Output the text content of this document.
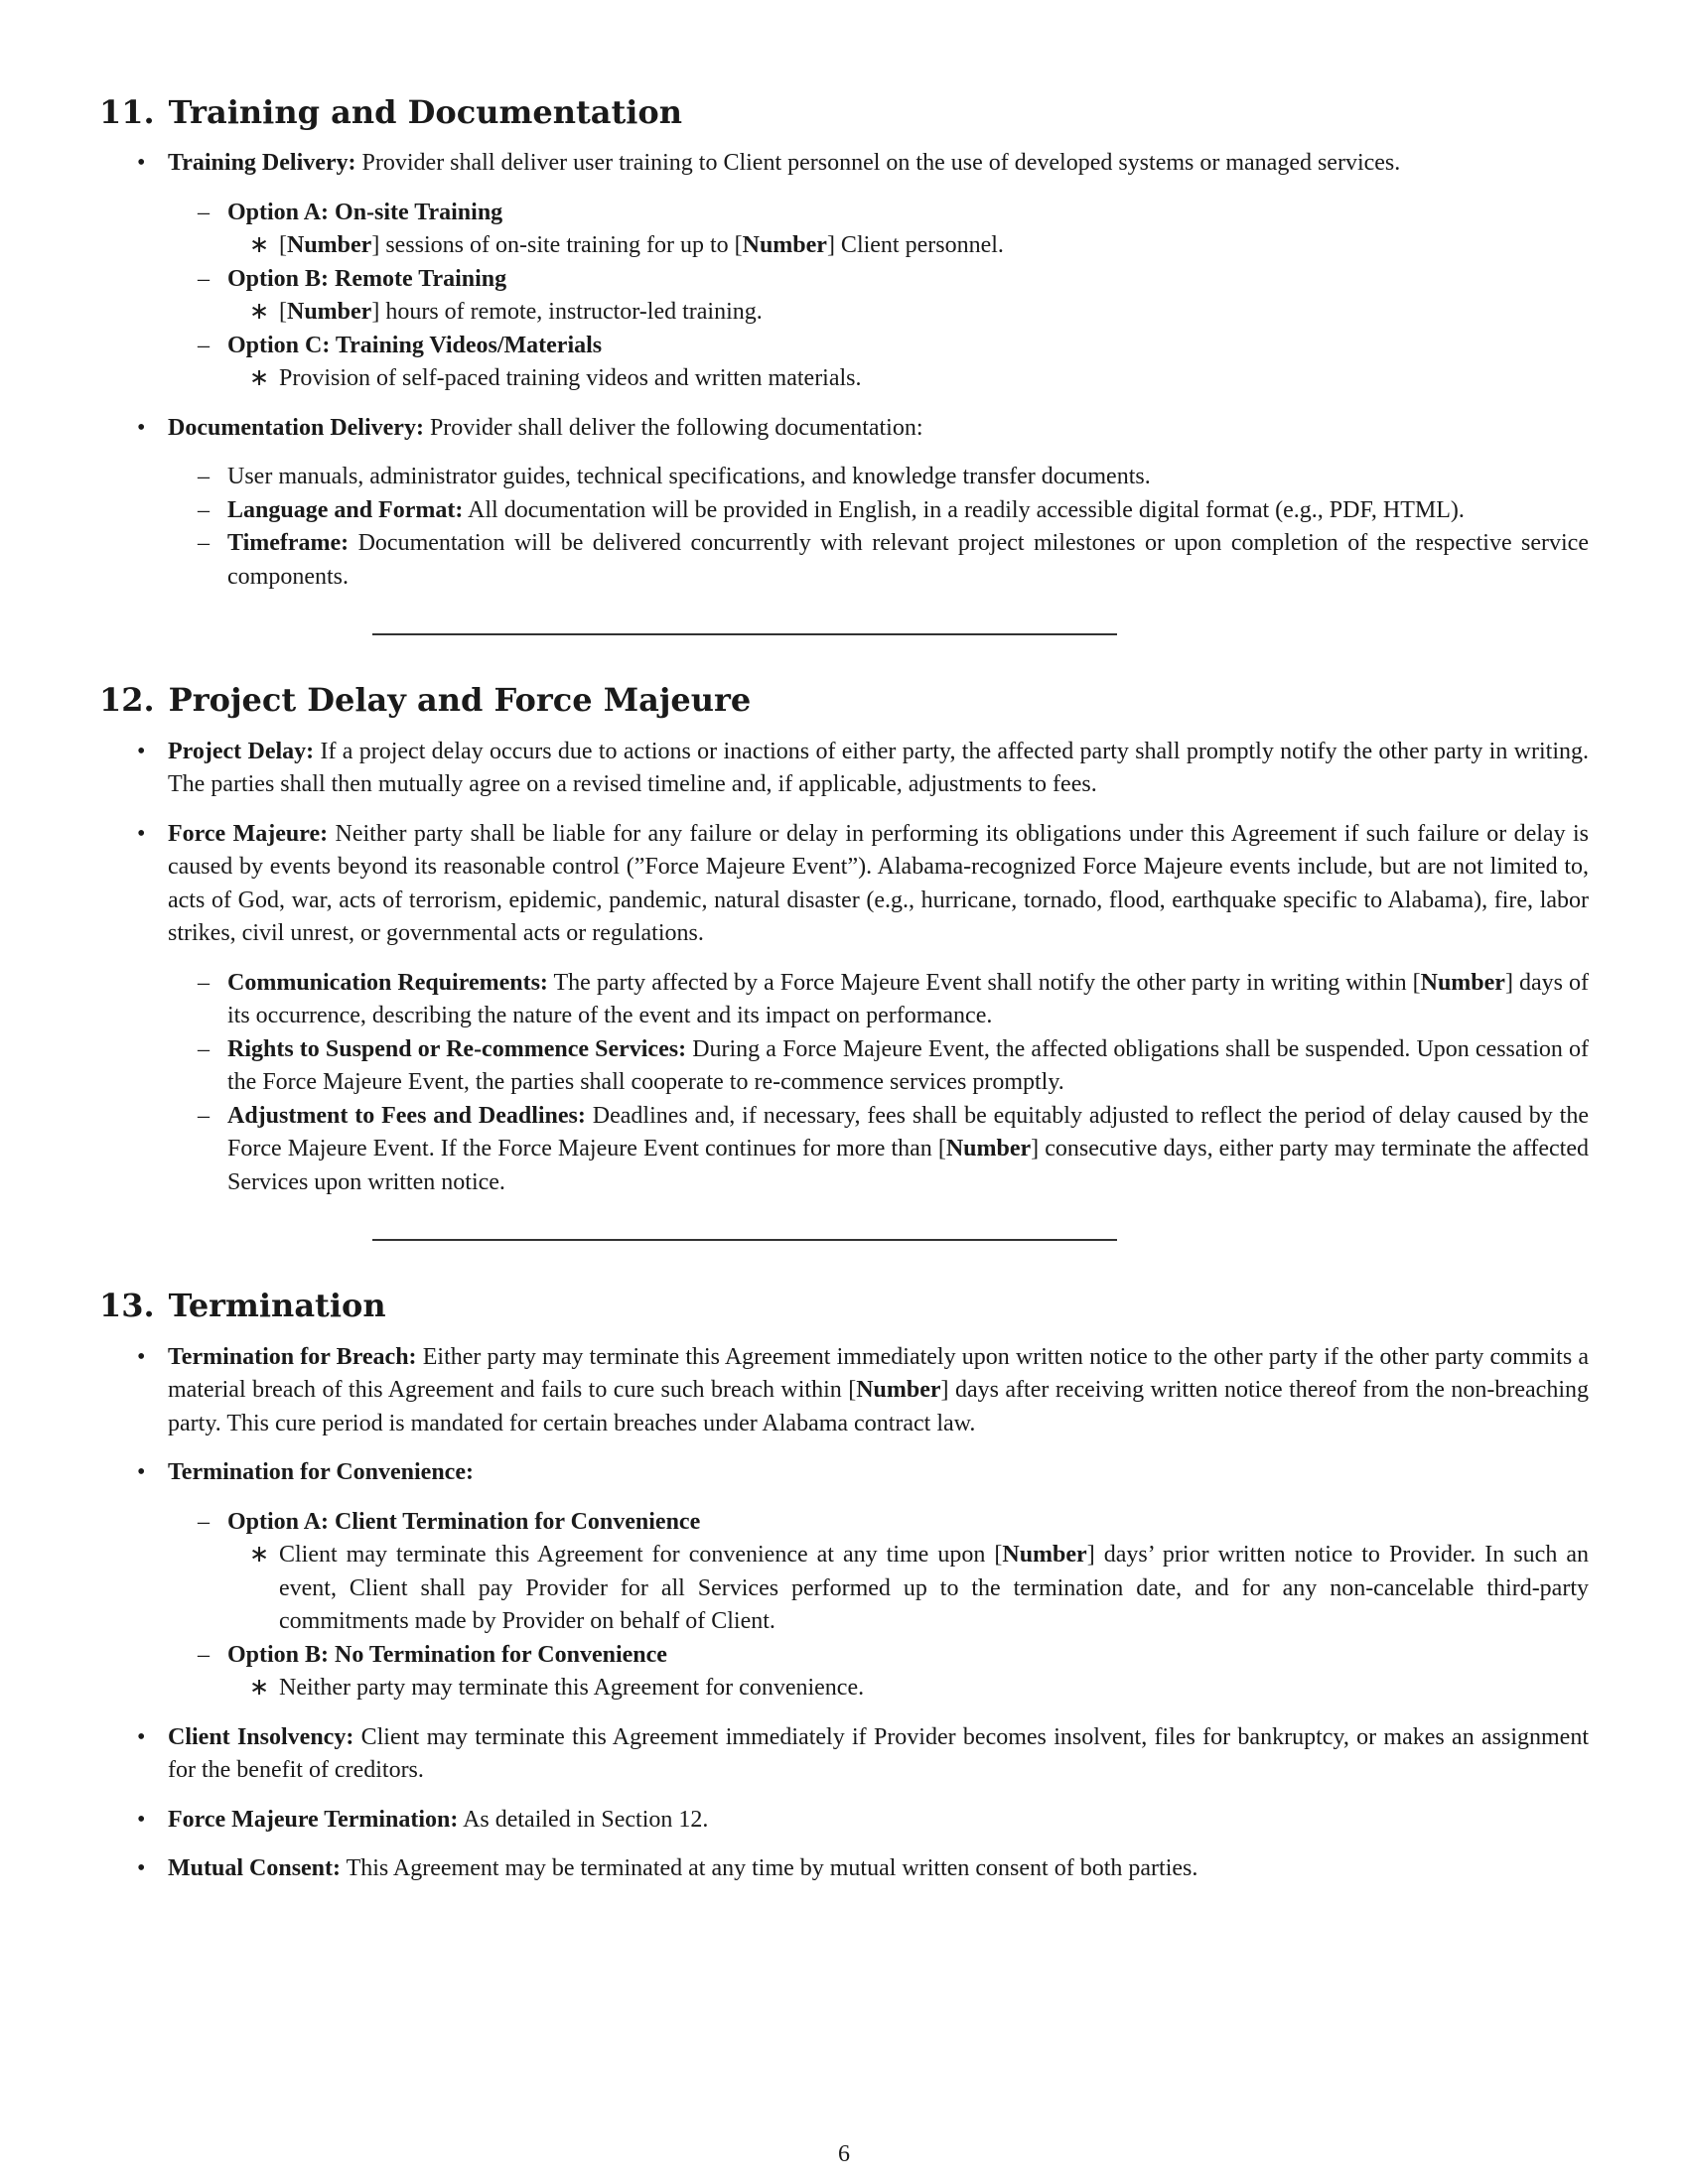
11. Training and Documentation
• Training Delivery: Provider shall deliver user training to Client personnel on the use of developed systems or managed services.
– Option A: On-site Training
∗ [Number] sessions of on-site training for up to [Number] Client personnel.
– Option B: Remote Training
∗ [Number] hours of remote, instructor-led training.
– Option C: Training Videos/Materials
∗ Provision of self-paced training videos and written materials.
• Documentation Delivery: Provider shall deliver the following documentation:
– User manuals, administrator guides, technical specifications, and knowledge transfer documents.
– Language and Format: All documentation will be provided in English, in a readily accessible digital format (e.g., PDF, HTML).
– Timeframe: Documentation will be delivered concurrently with relevant project milestones or upon completion of the respective service components.
12. Project Delay and Force Majeure
• Project Delay: If a project delay occurs due to actions or inactions of either party, the affected party shall promptly notify the other party in writing. The parties shall then mutually agree on a revised timeline and, if applicable, adjustments to fees.
• Force Majeure: Neither party shall be liable for any failure or delay in performing its obligations under this Agreement if such failure or delay is caused by events beyond its reasonable control (”Force Majeure Event”). Alabama-recognized Force Majeure events include, but are not limited to, acts of God, war, acts of terrorism, epidemic, pandemic, natural disaster (e.g., hurricane, tornado, flood, earthquake specific to Alabama), fire, labor strikes, civil unrest, or governmental acts or regulations.
– Communication Requirements: The party affected by a Force Majeure Event shall notify the other party in writing within [Number] days of its occurrence, describing the nature of the event and its impact on performance.
– Rights to Suspend or Re-commence Services: During a Force Majeure Event, the affected obligations shall be suspended. Upon cessation of the Force Majeure Event, the parties shall cooperate to re-commence services promptly.
– Adjustment to Fees and Deadlines: Deadlines and, if necessary, fees shall be equitably adjusted to reflect the period of delay caused by the Force Majeure Event. If the Force Majeure Event continues for more than [Number] consecutive days, either party may terminate the affected Services upon written notice.
13. Termination
• Termination for Breach: Either party may terminate this Agreement immediately upon written notice to the other party if the other party commits a material breach of this Agreement and fails to cure such breach within [Number] days after receiving written notice thereof from the non-breaching party. This cure period is mandated for certain breaches under Alabama contract law.
• Termination for Convenience:
– Option A: Client Termination for Convenience
∗ Client may terminate this Agreement for convenience at any time upon [Number] days’ prior written notice to Provider. In such an event, Client shall pay Provider for all Services performed up to the termination date, and for any non-cancelable third-party commitments made by Provider on behalf of Client.
– Option B: No Termination for Convenience
∗ Neither party may terminate this Agreement for convenience.
• Client Insolvency: Client may terminate this Agreement immediately if Provider becomes insolvent, files for bankruptcy, or makes an assignment for the benefit of creditors.
• Force Majeure Termination: As detailed in Section 12.
• Mutual Consent: This Agreement may be terminated at any time by mutual written consent of both parties.
6
